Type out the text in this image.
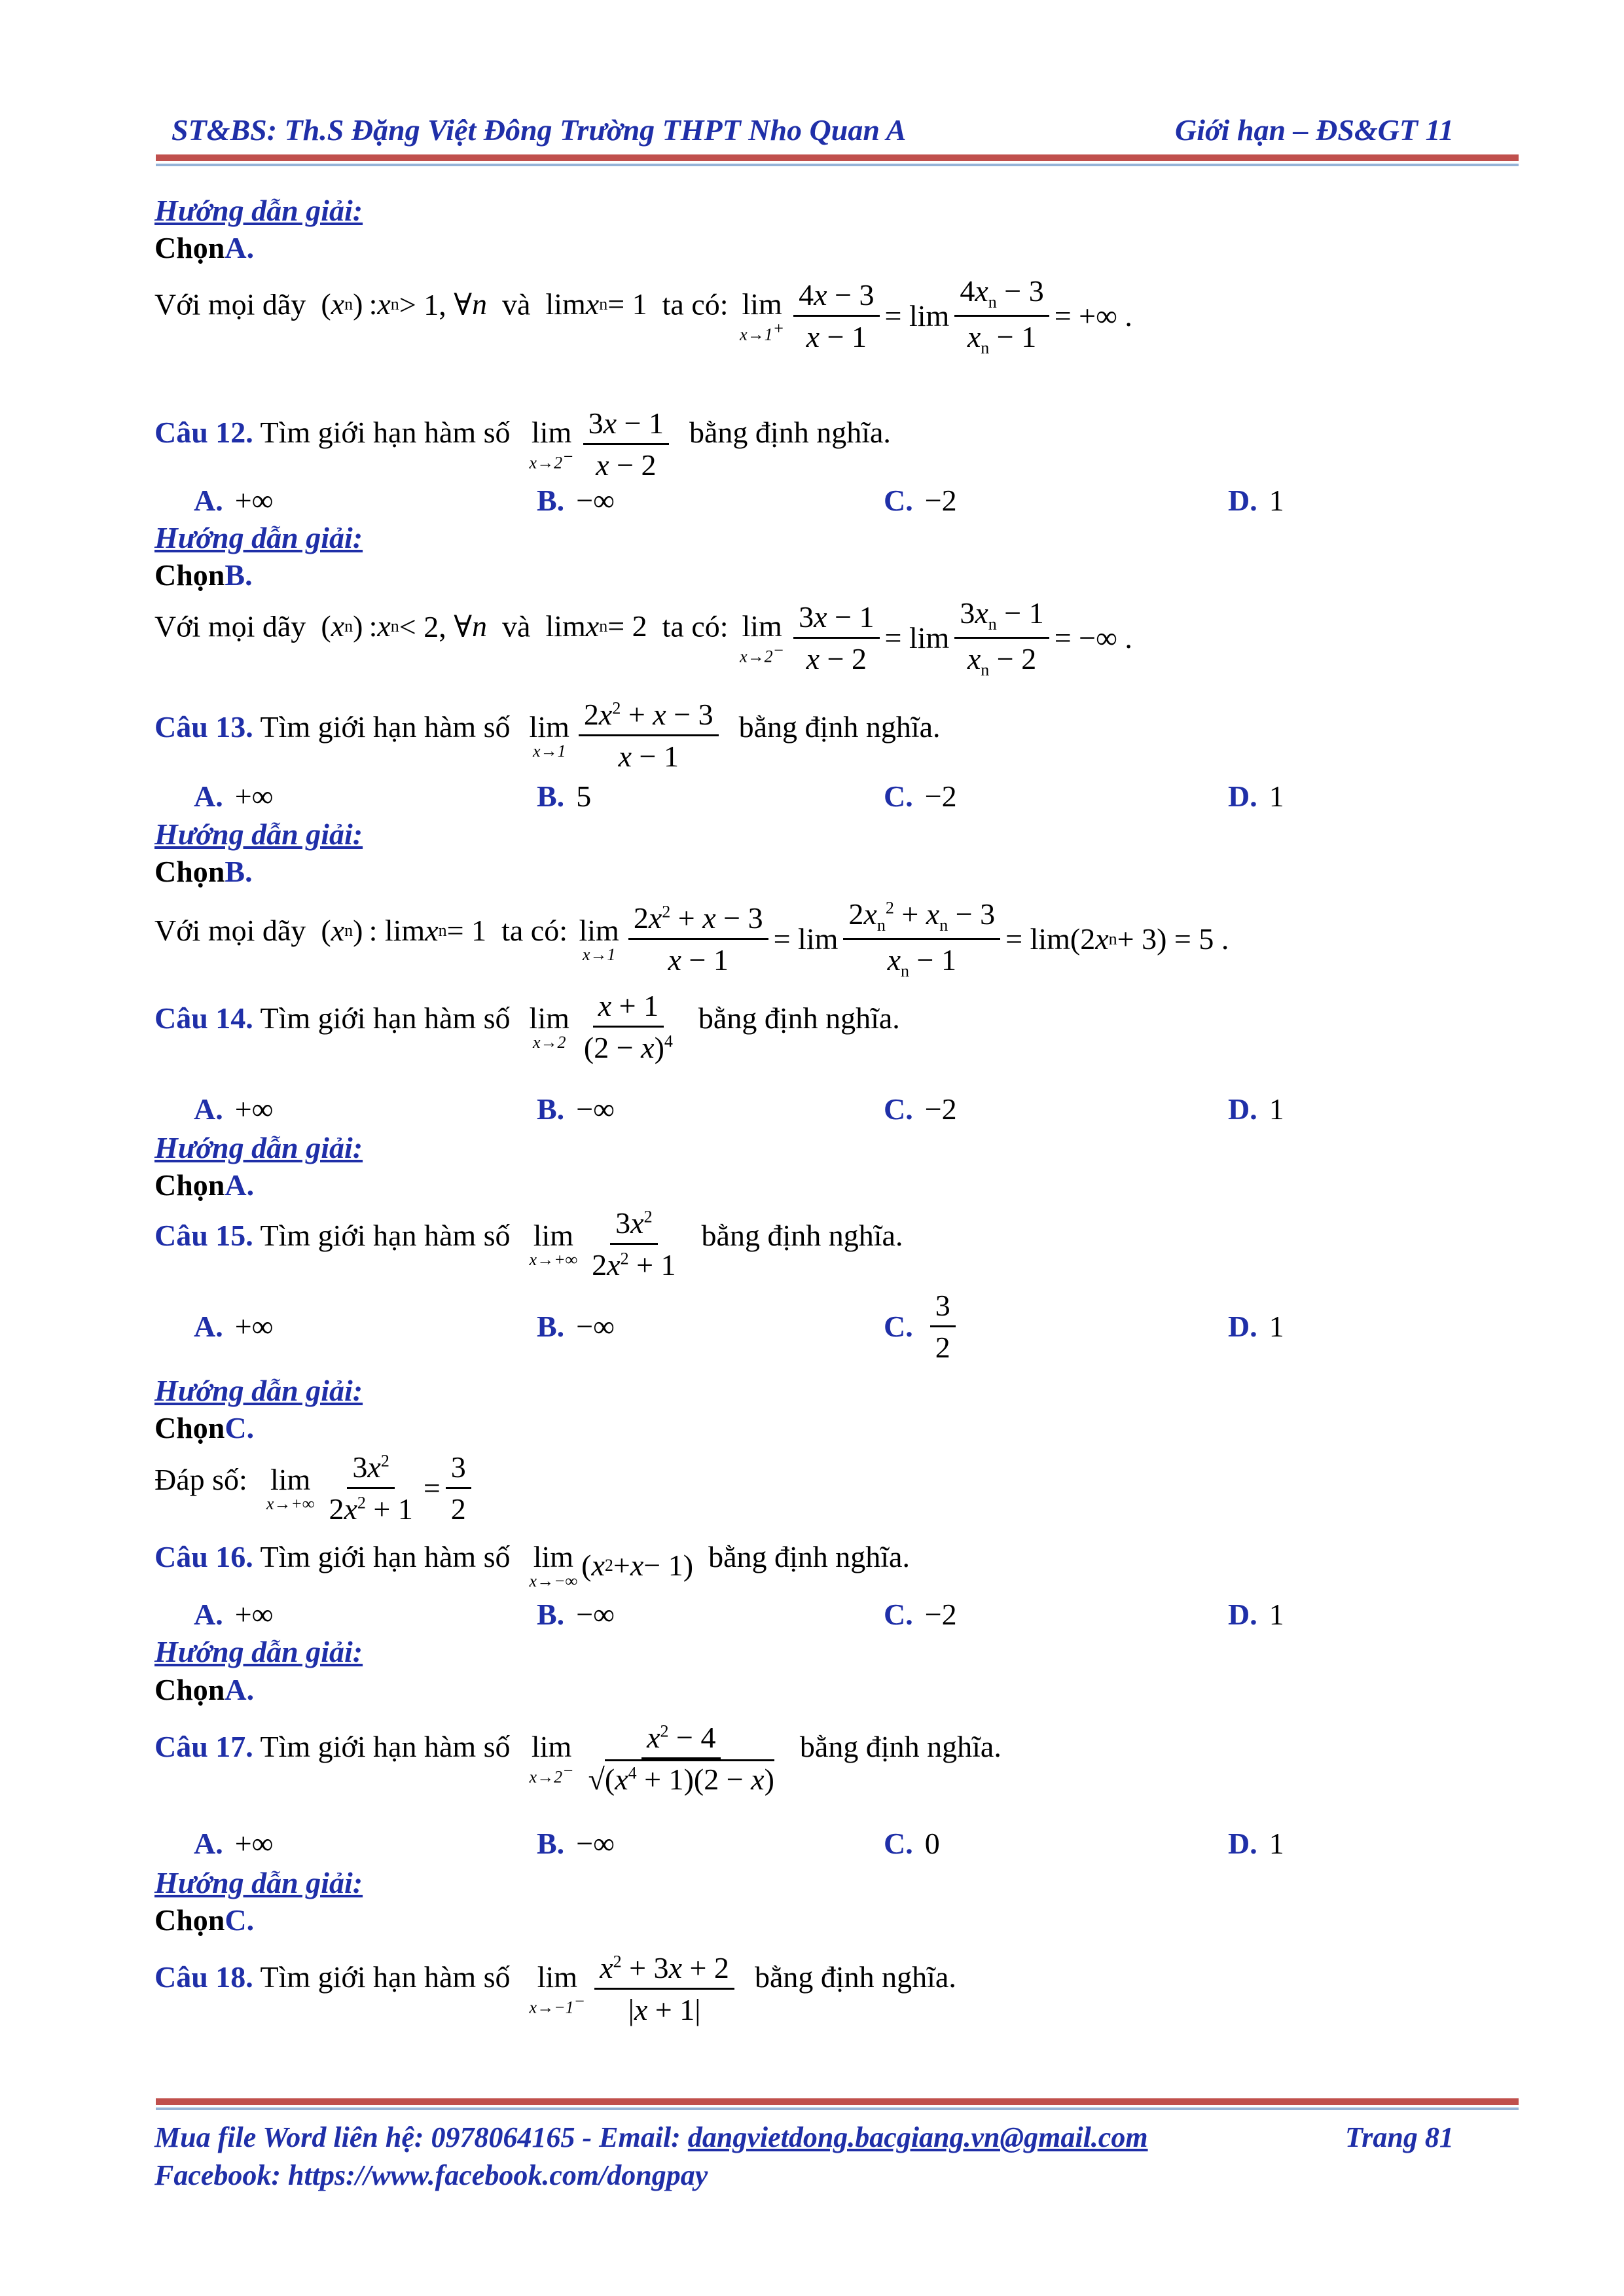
ST&BS: Th.S Đặng Việt Đông Trường THPT Nho Quan A	Giới hạn – ĐS&GT 11
Hướng dẫn giải:
ChọnA.
Với mọi dãy ( x n ) : x n > 1, ∀ n và lim x n = 1  ta có: lim
$x\to 1^+ \frac{4x - 3}{x - 1} = \lim \frac{4x_n - 3}{x_n - 1}$ = +∞ .
Câu 12. Tìm giới hạn hàm số lim
$x\to 2^- \frac{3x - 1}{x - 2}$ bằng định nghĩa.
A. +∞	B. −∞	C. −2	D. 1
Hướng dẫn giải:
ChọnB.
Với mọi dãy ( x n ) : x n < 2, ∀ n và lim x n = 2  ta có: lim
$x\to 2^- \frac{3x - 1}{x - 2} = \lim \frac{3x_n - 1}{x_n - 2}$ = −∞ .
Câu 13. Tìm giới hạn hàm số lim
$x\to 1 \frac{2x^2 + x - 3}{x - 1}$ bằng định nghĩa.
A. +∞	B. 5	C. −2	D. 1
Hướng dẫn giải:
ChọnB.
Với mọi dãy ( x n ) : lim x n = 1  ta có: lim
$x\to 1 \frac{2x^2 + x - 3}{x - 1} = \lim \frac{2x_n^2 + x_n - 3}{x_n - 1} = \lim(2$ x n + 3) = 5 .
Câu 14. Tìm giới hạn hàm số lim
$x\to 2 \frac{x + 1}{(2 - x)^4}$ bằng định nghĩa.
A. +∞	B. −∞	C. −2	D. 1
Hướng dẫn giải:
ChọnA.
Câu 15. Tìm giới hạn hàm số lim
$x\to+\infty \frac{3x^2}{2x^2 + 1}$ bằng định nghĩa.
A. +∞	B. −∞	C. $\frac{3}{2}$	D. 1
Hướng dẫn giải:
ChọnC.
Đáp số: lim
$x\to+\infty \frac{3x^2}{2x^2 + 1} = \frac{3}{2}$
Câu 16. Tìm giới hạn hàm số lim
x→−∞ ( x 2 + x − 1) bằng định nghĩa.
A. +∞	B. −∞	C. −2	D. 1
Hướng dẫn giải:
ChọnA.
Câu 17. Tìm giới hạn hàm số lim
$x\to 2^- \frac{x^2 - 4}{√(x^4 + 1)(2 - x)}$ bằng định nghĩa.
A. +∞	B. −∞	C. 0	D. 1
Hướng dẫn giải:
ChọnC.
Câu 18. Tìm giới hạn hàm số lim
$x\to-1^- \frac{x^2 + 3x + 2}{|x + 1|}$ bằng định nghĩa.
Mua file Word liên hệ: 0978064165 - Email: dangvietdong.bacgiang.vn@gmail.com	Trang 81
Facebook: https://www.facebook.com/dongpay
